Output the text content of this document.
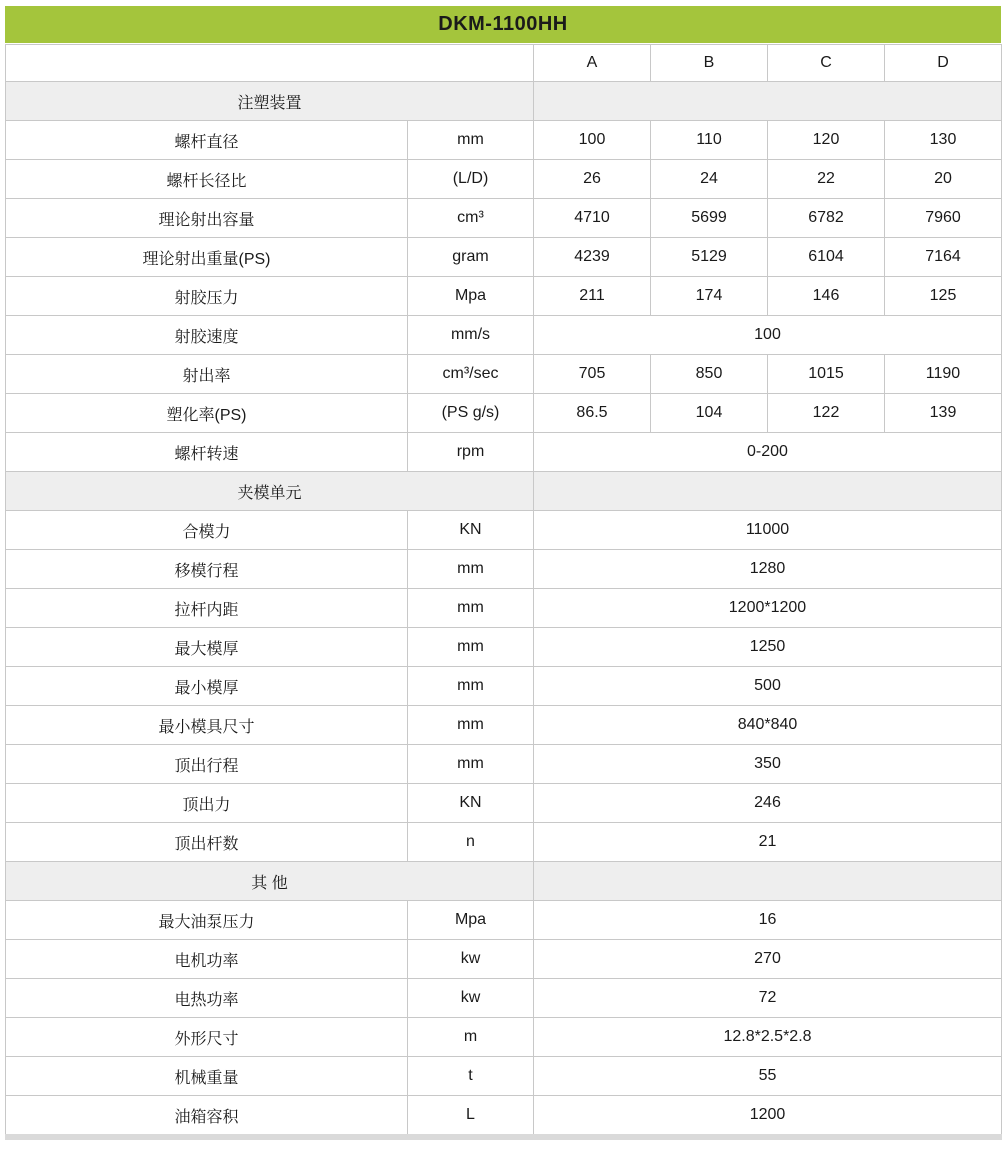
DKM-1100HH
		A	B	C	D
注塑装置					
螺杆直径	mm	100	110	120	130
螺杆长径比	(L/D)	26	24	22	20
理论射出容量	cm³	4710	5699	6782	7960
理论射出重量(PS)	gram	4239	5129	6104	7164
射胶压力	Mpa	211	174	146	125
射胶速度	mm/s	100			
射出率	cm³/sec	705	850	1015	1190
塑化率(PS)	(PS g/s)	86.5	104	122	139
螺杆转速	rpm	0-200			
夹模单元					
合模力	KN	11000			
移模行程	mm	1280			
拉杆内距	mm	1200*1200			
最大模厚	mm	1250			
最小模厚	mm	500			
最小模具尺寸	mm	840*840			
顶出行程	mm	350			
顶出力	KN	246			
顶出杆数	n	21			
其 他					
最大油泵压力	Mpa	16			
电机功率	kw	270			
电热功率	kw	72			
外形尺寸	m	12.8*2.5*2.8			
机械重量	t	55			
油箱容积	L	1200			
